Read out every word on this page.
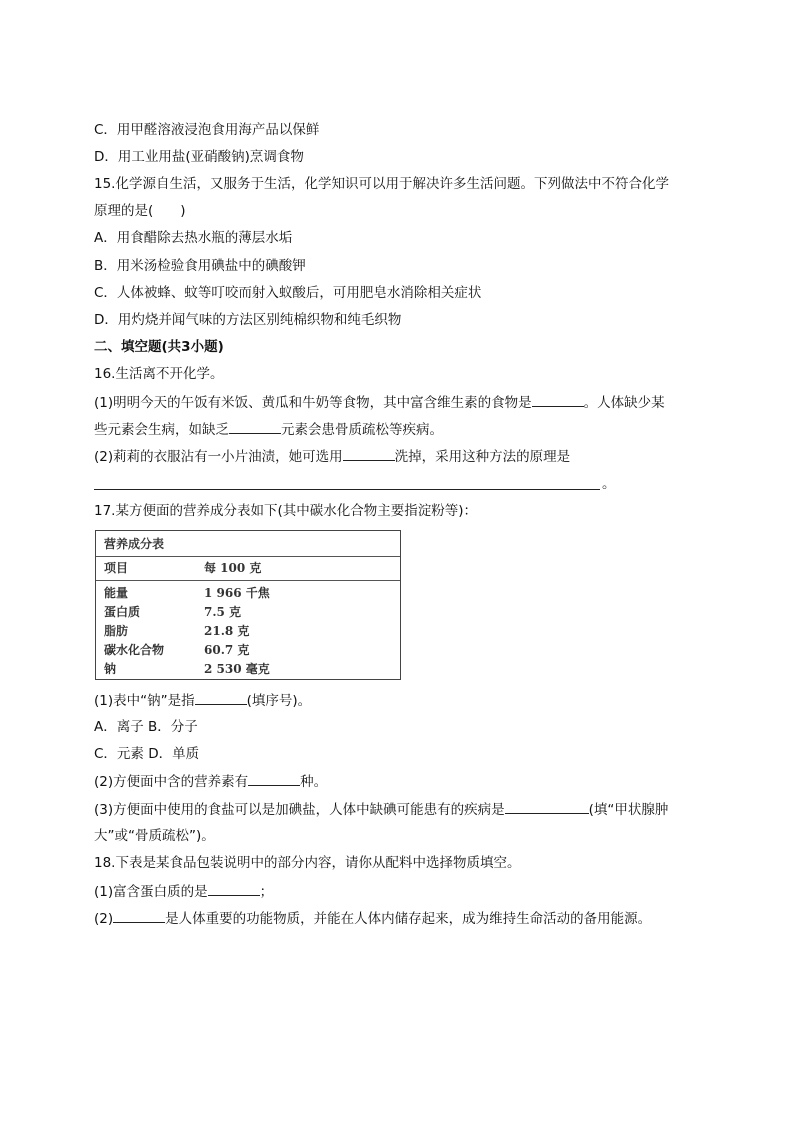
C．用甲醛溶液浸泡食用海产品以保鲜
D．用工业用盐(亚硝酸钠)烹调食物
15.化学源自生活，又服务于生活，化学知识可以用于解决许多生活问题。下列做法中不符合化学
原理的是(　　)
A．用食醋除去热水瓶的薄层水垢
B．用米汤检验食用碘盐中的碘酸钾
C．人体被蜂、蚊等叮咬而射入蚁酸后，可用肥皂水消除相关症状
D．用灼烧并闻气味的方法区别纯棉织物和纯毛织物
二、填空题(共3小题)
16.生活离不开化学。
(1)明明今天的午饭有米饭、黄瓜和牛奶等食物，其中富含维生素的食物是	。人体缺少某
些元素会生病，如缺乏	元素会患骨质疏松等疾病。
(2)莉莉的衣服沾有一小片油渍，她可选用	洗掉，采用这种方法的原理是
。
17.某方便面的营养成分表如下(其中碳水化合物主要指淀粉等)：
营养成分表
项目	每 100 克
能量	1 966 千焦
蛋白质	7.5 克
脂肪	21.8 克
碳水化合物	60.7 克
钠	2 530 毫克
(1)表中“钠”是指	(填序号)。
A．离子 B．分子
C．元素 D．单质
(2)方便面中含的营养素有	种。
(3)方便面中使用的食盐可以是加碘盐，人体中缺碘可能患有的疾病是	(填“甲状腺肿
大”或“骨质疏松”)。
18.下表是某食品包装说明中的部分内容，请你从配料中选择物质填空。
(1)富含蛋白质的是	；
(2)	是人体重要的功能物质，并能在人体内储存起来，成为维持生命活动的备用能源。
